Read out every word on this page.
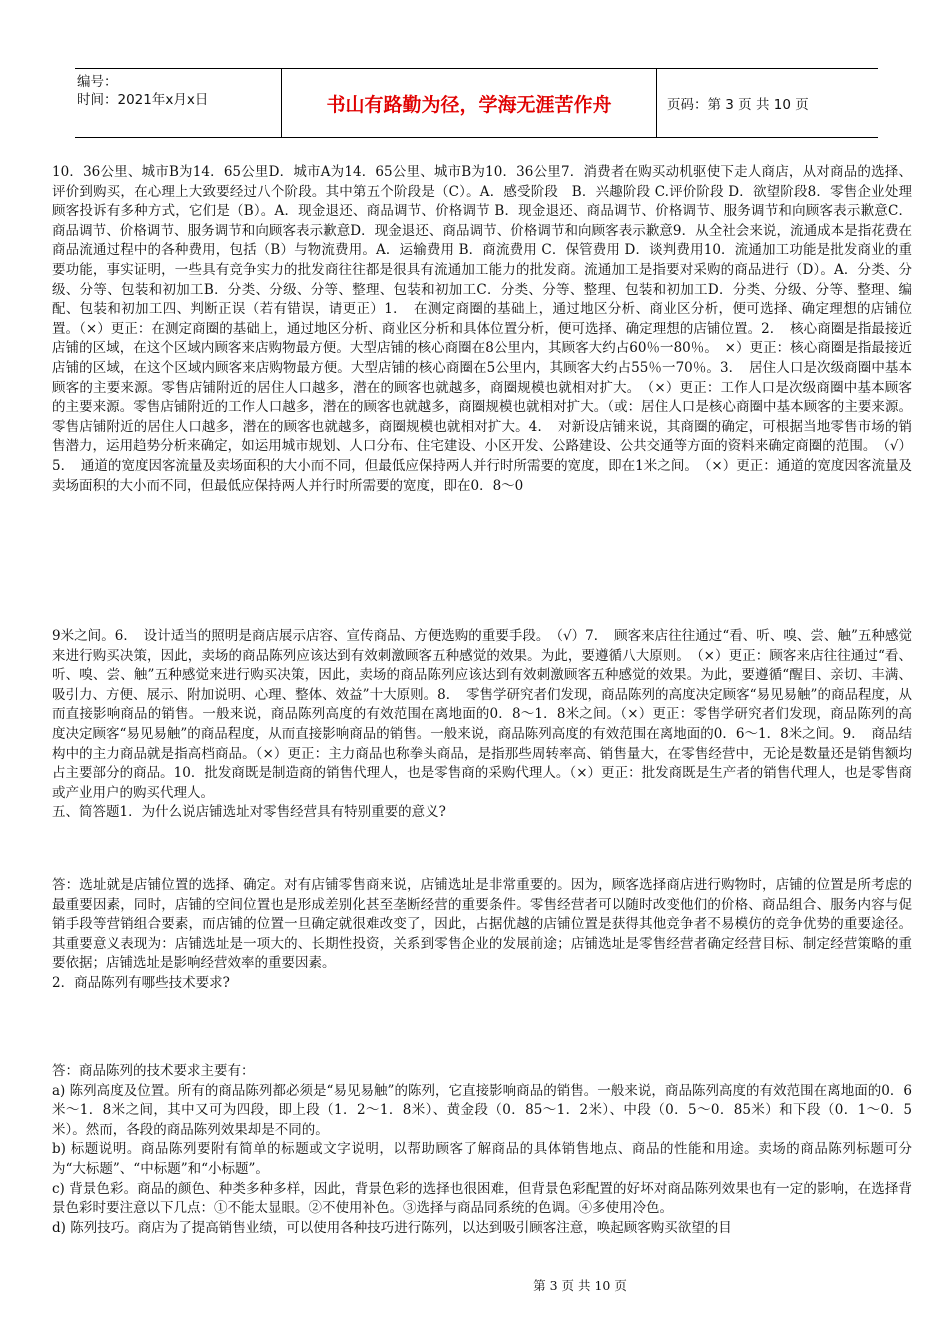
编号：
时间：2021年x月x日	书山有路勤为径，学海无涯苦作舟	页码：第 3 页 共 10 页
10．36公里、城市B为14．65公里D．城市A为14．65公里、城市B为10．36公里7．消费者在购买动机驱使下走人商店，从对商品的选择、评价到购买，在心理上大致要经过八个阶段。其中第五个阶段是（C）。A．感受阶段　B．兴趣阶段 C.评价阶段 D．欲望阶段8．零售企业处理顾客投诉有多种方式，它们是（B）。A．现金退还、商品调节、价格调节 B．现金退还、商品调节、价格调节、服务调节和向顾客表示歉意C．商品调节、价格调节、服务调节和向顾客表示歉意D．现金退还、商品调节、价格调节和向顾客表示歉意9．从全社会来说，流通成本是指花费在商品流通过程中的各种费用，包括（B）与物流费用。A．运输费用 B．商流费用 C．保管费用 D．谈判费用10．流通加工功能是批发商业的重要功能，事实证明，一些具有竞争实力的批发商往往都是很具有流通加工能力的批发商。流通加工是指要对采购的商品进行（D）。A．分类、分级、分等、包装和初加工B．分类、分级、分等、整理、包装和初加工C．分类、分等、整理、包装和初加工D．分类、分级、分等、整理、编配、包装和初加工四、判断正误（若有错误，请更正）1．　在测定商圈的基础上，通过地区分析、商业区分析，便可选择、确定理想的店铺位置。（×）更正：在测定商圈的基础上，通过地区分析、商业区分析和具体位置分析，便可选择、确定理想的店铺位置。2．　核心商圈是指最接近店铺的区域，在这个区域内顾客来店购物最方便。大型店铺的核心商圈在8公里内，其顾客大约占60％一80％。　×）更正：核心商圈是指最接近店铺的区域，在这个区域内顾客来店购物最方便。大型店铺的核心商圈在5公里内，其顾客大约占55％一70％。3．　居住人口是次级商圈中基本顾客的主要来源。零售店铺附近的居住人口越多，潜在的顾客也就越多，商圈规模也就相对扩大。　（×）更正：工作人口是次级商圈中基本顾客的主要来源。零售店铺附近的工作人口越多，潜在的顾客也就越多，商圈规模也就相对扩大。（或：居住人口是核心商圈中基本顾客的主要来源。零售店铺附近的居住人口越多，潜在的顾客也就越多，商圈规模也就相对扩大。4．　对新设店铺来说，其商圈的确定，可根据当地零售市场的销售潜力，运用趋势分析来确定，如运用城市规划、人口分布、住宅建设、小区开发、公路建设、公共交通等方面的资料来确定商圈的范围。　（√）5．　通道的宽度因客流量及卖场面积的大小而不同，但最低应保持两人并行时所需要的宽度，即在1米之间。　（×）更正：通道的宽度因客流量及卖场面积的大小而不同，但最低应保持两人并行时所需要的宽度，即在0．8～0
9米之间。6．　设计适当的照明是商店展示店容、宣传商品、方便选购的重要手段。　（√）7．　顾客来店往往通过“看、听、嗅、尝、触”五种感觉来进行购买决策，因此，卖场的商品陈列应该达到有效刺激顾客五种感觉的效果。为此，要遵循八大原则。　（×）更正：顾客来店往往通过“看、听、嗅、尝、触”五种感觉来进行购买决策，因此，卖场的商品陈列应该达到有效刺激顾客五种感觉的效果。为此，要遵循“醒目、亲切、丰满、吸引力、方便、展示、附加说明、心理、整体、效益”十大原则。8．　零售学研究者们发现，商品陈列的高度决定顾客“易见易触”的商品程度，从而直接影响商品的销售。一般来说，商品陈列高度的有效范围在离地面的0．8～1．8米之间。（×）更正：零售学研究者们发现，商品陈列的高度决定顾客“易见易触”的商品程度，从而直接影响商品的销售。一般来说，商品陈列高度的有效范围在离地面的0．6～1．8米之间。9．　商品结构中的主力商品就是指高档商品。（×）更正：主力商品也称拳头商品，是指那些周转率高、销售量大，在零售经营中，无论是数量还是销售额均占主要部分的商品。10．批发商既是制造商的销售代理人，也是零售商的采购代理人。（×）更正：批发商既是生产者的销售代理人，也是零售商或产业用户的购买代理人。
五、简答题1．为什么说店铺选址对零售经营具有特别重要的意义?
答：选址就是店铺位置的选择、确定。对有店铺零售商来说，店铺选址是非常重要的。因为，顾客选择商店进行购物时，店铺的位置是所考虑的最重要因素，同时，店铺的空间位置也是形成差别化甚至垄断经营的重要条件。零售经营者可以随时改变他们的价格、商品组合、服务内容与促销手段等营销组合要素，而店铺的位置一旦确定就很难改变了，因此，占据优越的店铺位置是获得其他竞争者不易模仿的竞争优势的重要途径。其重要意义表现为：店铺选址是一项大的、长期性投资，关系到零售企业的发展前途；店铺选址是零售经营者确定经营目标、制定经营策略的重要依据；店铺选址是影响经营效率的重要因素。
2．商品陈列有哪些技术要求?
答：商品陈列的技术要求主要有：
a) 陈列高度及位置。所有的商品陈列都必须是“易见易触”的陈列，它直接影响商品的销售。一般来说，商品陈列高度的有效范围在离地面的0．6米～1．8米之间，其中又可为四段，即上段（1．2～1．8米）、黄金段（0．85～1．2米）、中段（0．5～0．85米）和下段（0．1～0．5米）。然而，各段的商品陈列效果却是不同的。
b) 标题说明。商品陈列要附有简单的标题或文字说明，以帮助顾客了解商品的具体销售地点、商品的性能和用途。卖场的商品陈列标题可分为“大标题”、“中标题”和“小标题”。
c) 背景色彩。商品的颜色、种类多种多样，因此，背景色彩的选择也很困难，但背景色彩配置的好坏对商品陈列效果也有一定的影响，在选择背景色彩时要注意以下几点：①不能太显眼。②不使用补色。③选择与商品同系统的色调。④多使用冷色。
d) 陈列技巧。商店为了提高销售业绩，可以使用各种技巧进行陈列，以达到吸引顾客注意，唤起顾客购买欲望的目
第 3 页 共 10 页
